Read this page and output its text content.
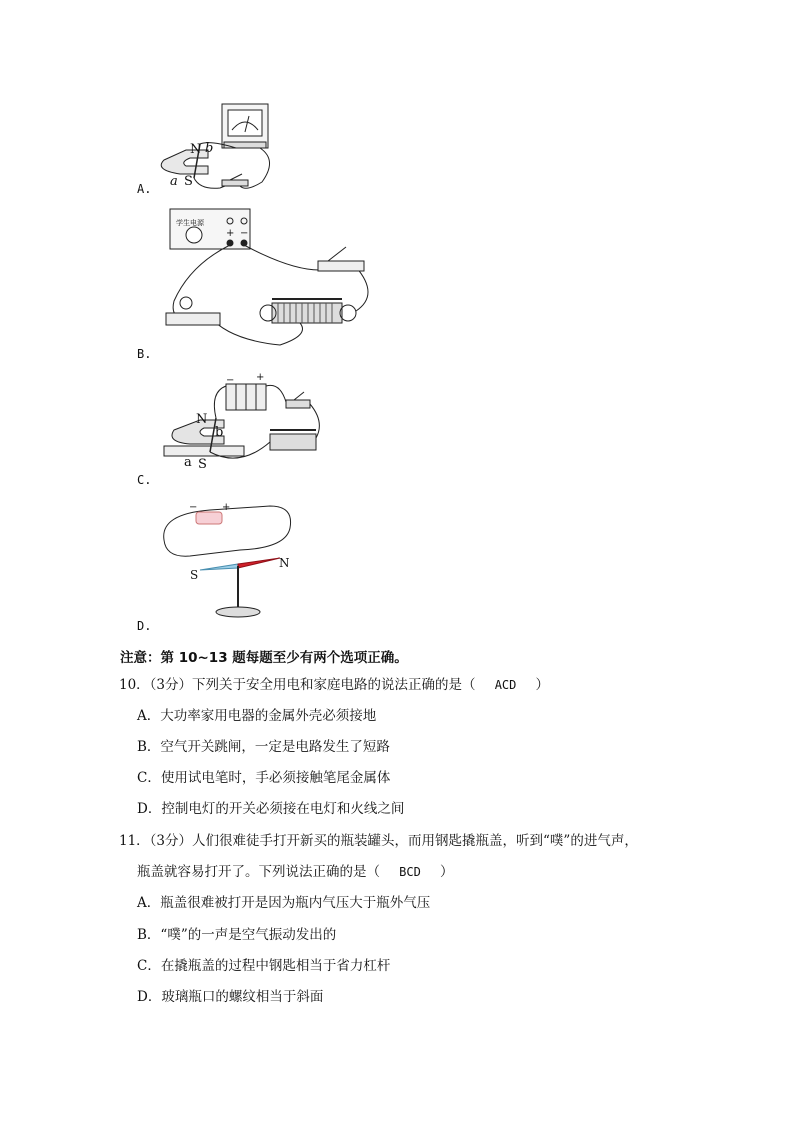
N b
a S
A.
学生电源
+ −
B.
− +
N
b
a S
C.
− +
S
N
D.
注意：第 10~13 题每题至少有两个选项正确。
10．（3分）下列关于安全用电和家庭电路的说法正确的是（ ACD ）
A．大功率家用电器的金属外壳必须接地
B．空气开关跳闸，一定是电路发生了短路
C．使用试电笔时，手必须接触笔尾金属体
D．控制电灯的开关必须接在电灯和火线之间
11．（3分）人们很难徒手打开新买的瓶装罐头，而用钢匙撬瓶盖，听到“噗”的进气声，
瓶盖就容易打开了。下列说法正确的是（ BCD ）
A．瓶盖很难被打开是因为瓶内气压大于瓶外气压
B．“噗”的一声是空气振动发出的
C．在撬瓶盖的过程中钢匙相当于省力杠杆
D．玻璃瓶口的螺纹相当于斜面
